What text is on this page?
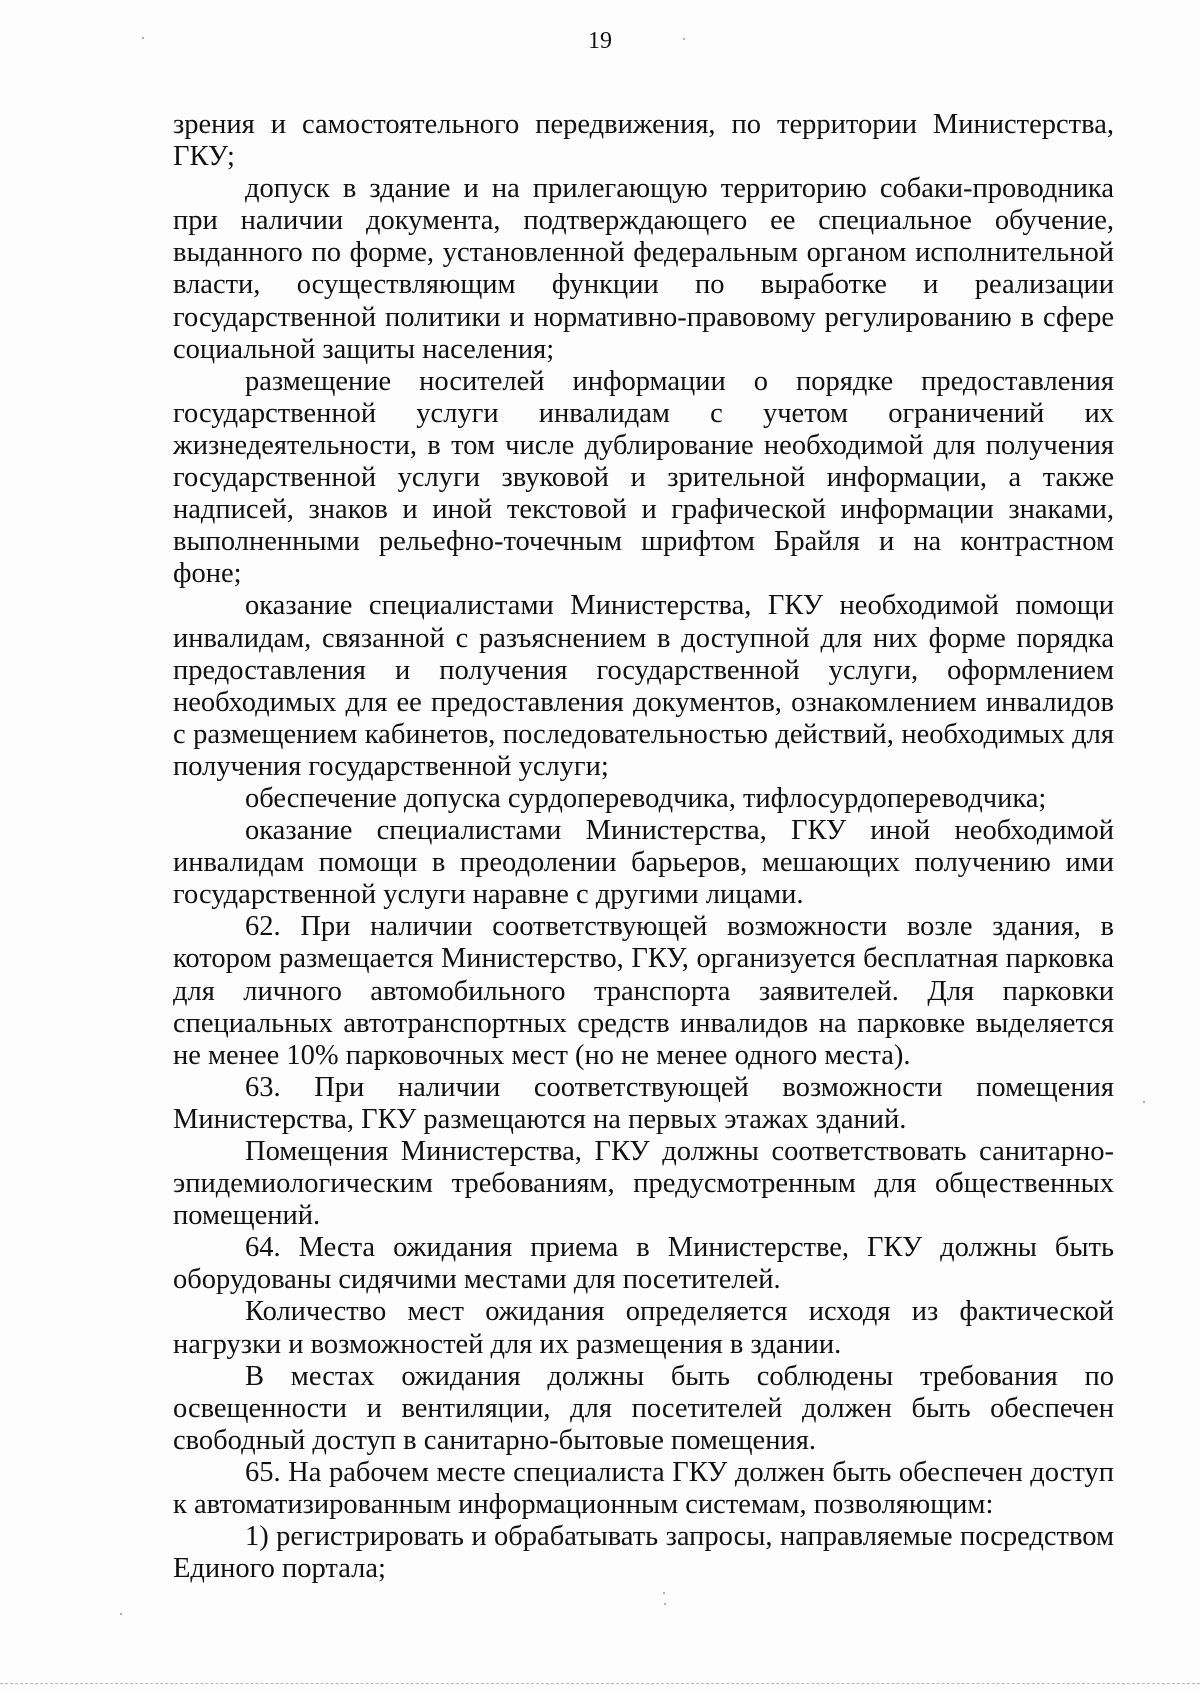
19

зрения и самостоятельного передвижения, по территории Министерства, ГКУ;

допуск в здание и на прилегающую территорию собаки-проводника при наличии документа, подтверждающего ее специальное обучение, выданного по форме, установленной федеральным органом исполнительной власти, осуществляющим функции по выработке и реализации государственной политики и нормативно-правовому регулированию в сфере социальной защиты населения;

размещение носителей информации о порядке предоставления государственной услуги инвалидам с учетом ограничений их жизнедеятельности, в том числе дублирование необходимой для получения государственной услуги звуковой и зрительной информации, а также надписей, знаков и иной текстовой и графической информации знаками, выполненными рельефно-точечным шрифтом Брайля и на контрастном фоне;

оказание специалистами Министерства, ГКУ необходимой помощи инвалидам, связанной с разъяснением в доступной для них форме порядка предоставления и получения государственной услуги, оформлением необходимых для ее предоставления документов, ознакомлением инвалидов с размещением кабинетов, последовательностью действий, необходимых для получения государственной услуги;

обеспечение допуска сурдопереводчика, тифлосурдопереводчика;

оказание специалистами Министерства, ГКУ иной необходимой инвалидам помощи в преодолении барьеров, мешающих получению ими государственной услуги наравне с другими лицами.

62. При наличии соответствующей возможности возле здания, в котором размещается Министерство, ГКУ, организуется бесплатная парковка для личного автомобильного транспорта заявителей. Для парковки специальных автотранспортных средств инвалидов на парковке выделяется не менее 10% парковочных мест (но не менее одного места).

63. При наличии соответствующей возможности помещения Министерства, ГКУ размещаются на первых этажах зданий.

Помещения Министерства, ГКУ должны соответствовать санитарно-эпидемиологическим требованиям, предусмотренным для общественных помещений.

64. Места ожидания приема в Министерстве, ГКУ должны быть оборудованы сидячими местами для посетителей.

Количество мест ожидания определяется исходя из фактической нагрузки и возможностей для их размещения в здании.

В местах ожидания должны быть соблюдены требования по освещенности и вентиляции, для посетителей должен быть обеспечен свободный доступ в санитарно-бытовые помещения.

65. На рабочем месте специалиста ГКУ должен быть обеспечен доступ к автоматизированным информационным системам, позволяющим:

1) регистрировать и обрабатывать запросы, направляемые посредством Единого портала;
